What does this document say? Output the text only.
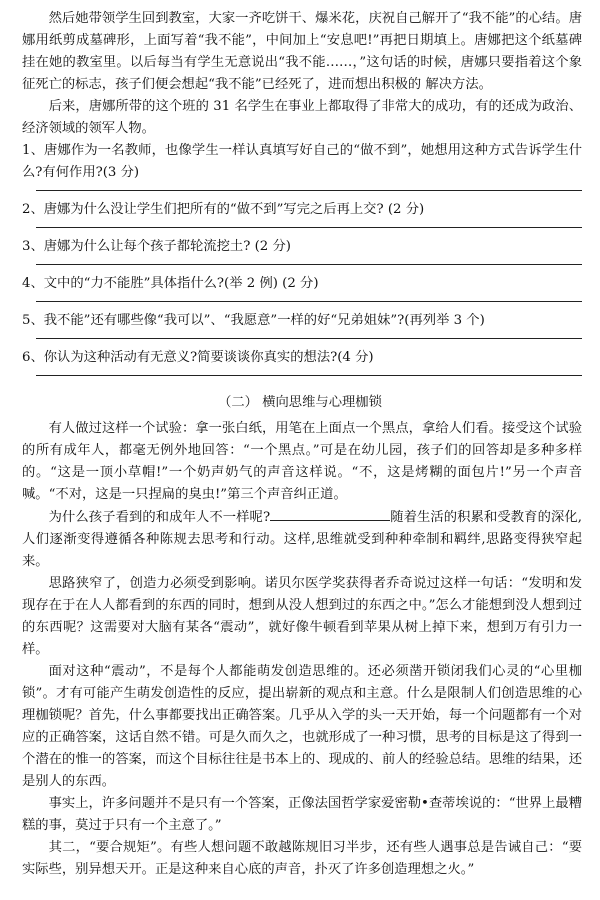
然后她带领学生回到教室，大家一齐吃饼干、爆米花，庆祝自己解开了“我不能”的心结。唐娜用纸剪成墓碑形，上面写着“我不能”，中间加上“安息吧!”再把日期填上。唐娜把这个纸墓碑挂在她的教室里。以后每当有学生无意说出“我不能……，”这句话的时候，唐娜只要指着这个象征死亡的标志，孩子们便会想起“我不能”已经死了，进而想出积极的 解决方法。

后来，唐娜所带的这个班的 31 名学生在事业上都取得了非常大的成功，有的还成为政治、经济领域的领军人物。

1、唐娜作为一名教师，也像学生一样认真填写好自己的“做不到”，她想用这种方式告诉学生什么?有何作用?(3 分)

2、唐娜为什么没让学生们把所有的“做不到”写完之后再上交? (2 分)

3、唐娜为什么让每个孩子都轮流挖土? (2 分)

4、文中的“力不能胜”具体指什么?(举 2 例) (2 分)

5、我不能”还有哪些像“我可以”、“我愿意”一样的好“兄弟姐妹”?(再列举 3 个)

6、你认为这种活动有无意义?简要谈谈你真实的想法?(4 分)

（二） 横向思维与心理枷锁

有人做过这样一个试验：拿一张白纸，用笔在上面点一个黑点，拿给人们看。接受这个试验的所有成年人，都毫无例外地回答：“一个黑点。”可是在幼儿园，孩子们的回答却是多种多样的。“这是一顶小草帽!”一个奶声奶气的声音这样说。“不，这是烤糊的面包片!”另一个声音喊。“不对，这是一只捏扁的臭虫!”第三个声音纠正道。

为什么孩子看到的和成年人不一样呢?	随着生活的积累和受教育的深化,人们逐渐变得遵循各种陈规去思考和行动。这样,思维就受到种种牵制和羁绊,思路变得狭窄起来。

思路狭窄了，创造力必须受到影响。诺贝尔医学奖获得者乔奇说过这样一句话：“发明和发现存在于在人人都看到的东西的同时，想到从没人想到过的东西之中。”怎么才能想到没人想到过的东西呢？这需要对大脑有某各“震动”，就好像牛顿看到苹果从树上掉下来，想到万有引力一样。

面对这种“震动”，不是每个人都能萌发创造思维的。还必须凿开锁闭我们心灵的“心里枷锁”。才有可能产生萌发创造性的反应，提出崭新的观点和主意。什么是限制人们创造思维的心理枷锁呢？首先，什么事都要找出正确答案。几乎从入学的头一天开始，每一个问题都有一个对应的正确答案，这话自然不错。可是久而久之，也就形成了一种习惯，思考的目标是这了得到一个潜在的惟一的答案，而这个目标往往是书本上的、现成的、前人的经验总结。思维的结果，还是别人的东西。

事实上，许多问题并不是只有一个答案，正像法国哲学家爱密勒•查蒂埃说的：“世界上最糟糕的事，莫过于只有一个主意了。”

其二，“要合规矩”。有些人想问题不敢越陈规旧习半步，还有些人遇事总是告诫自己：“要实际些，别异想天开。正是这种来自心底的声音，扑灭了许多创造理想之火。”
